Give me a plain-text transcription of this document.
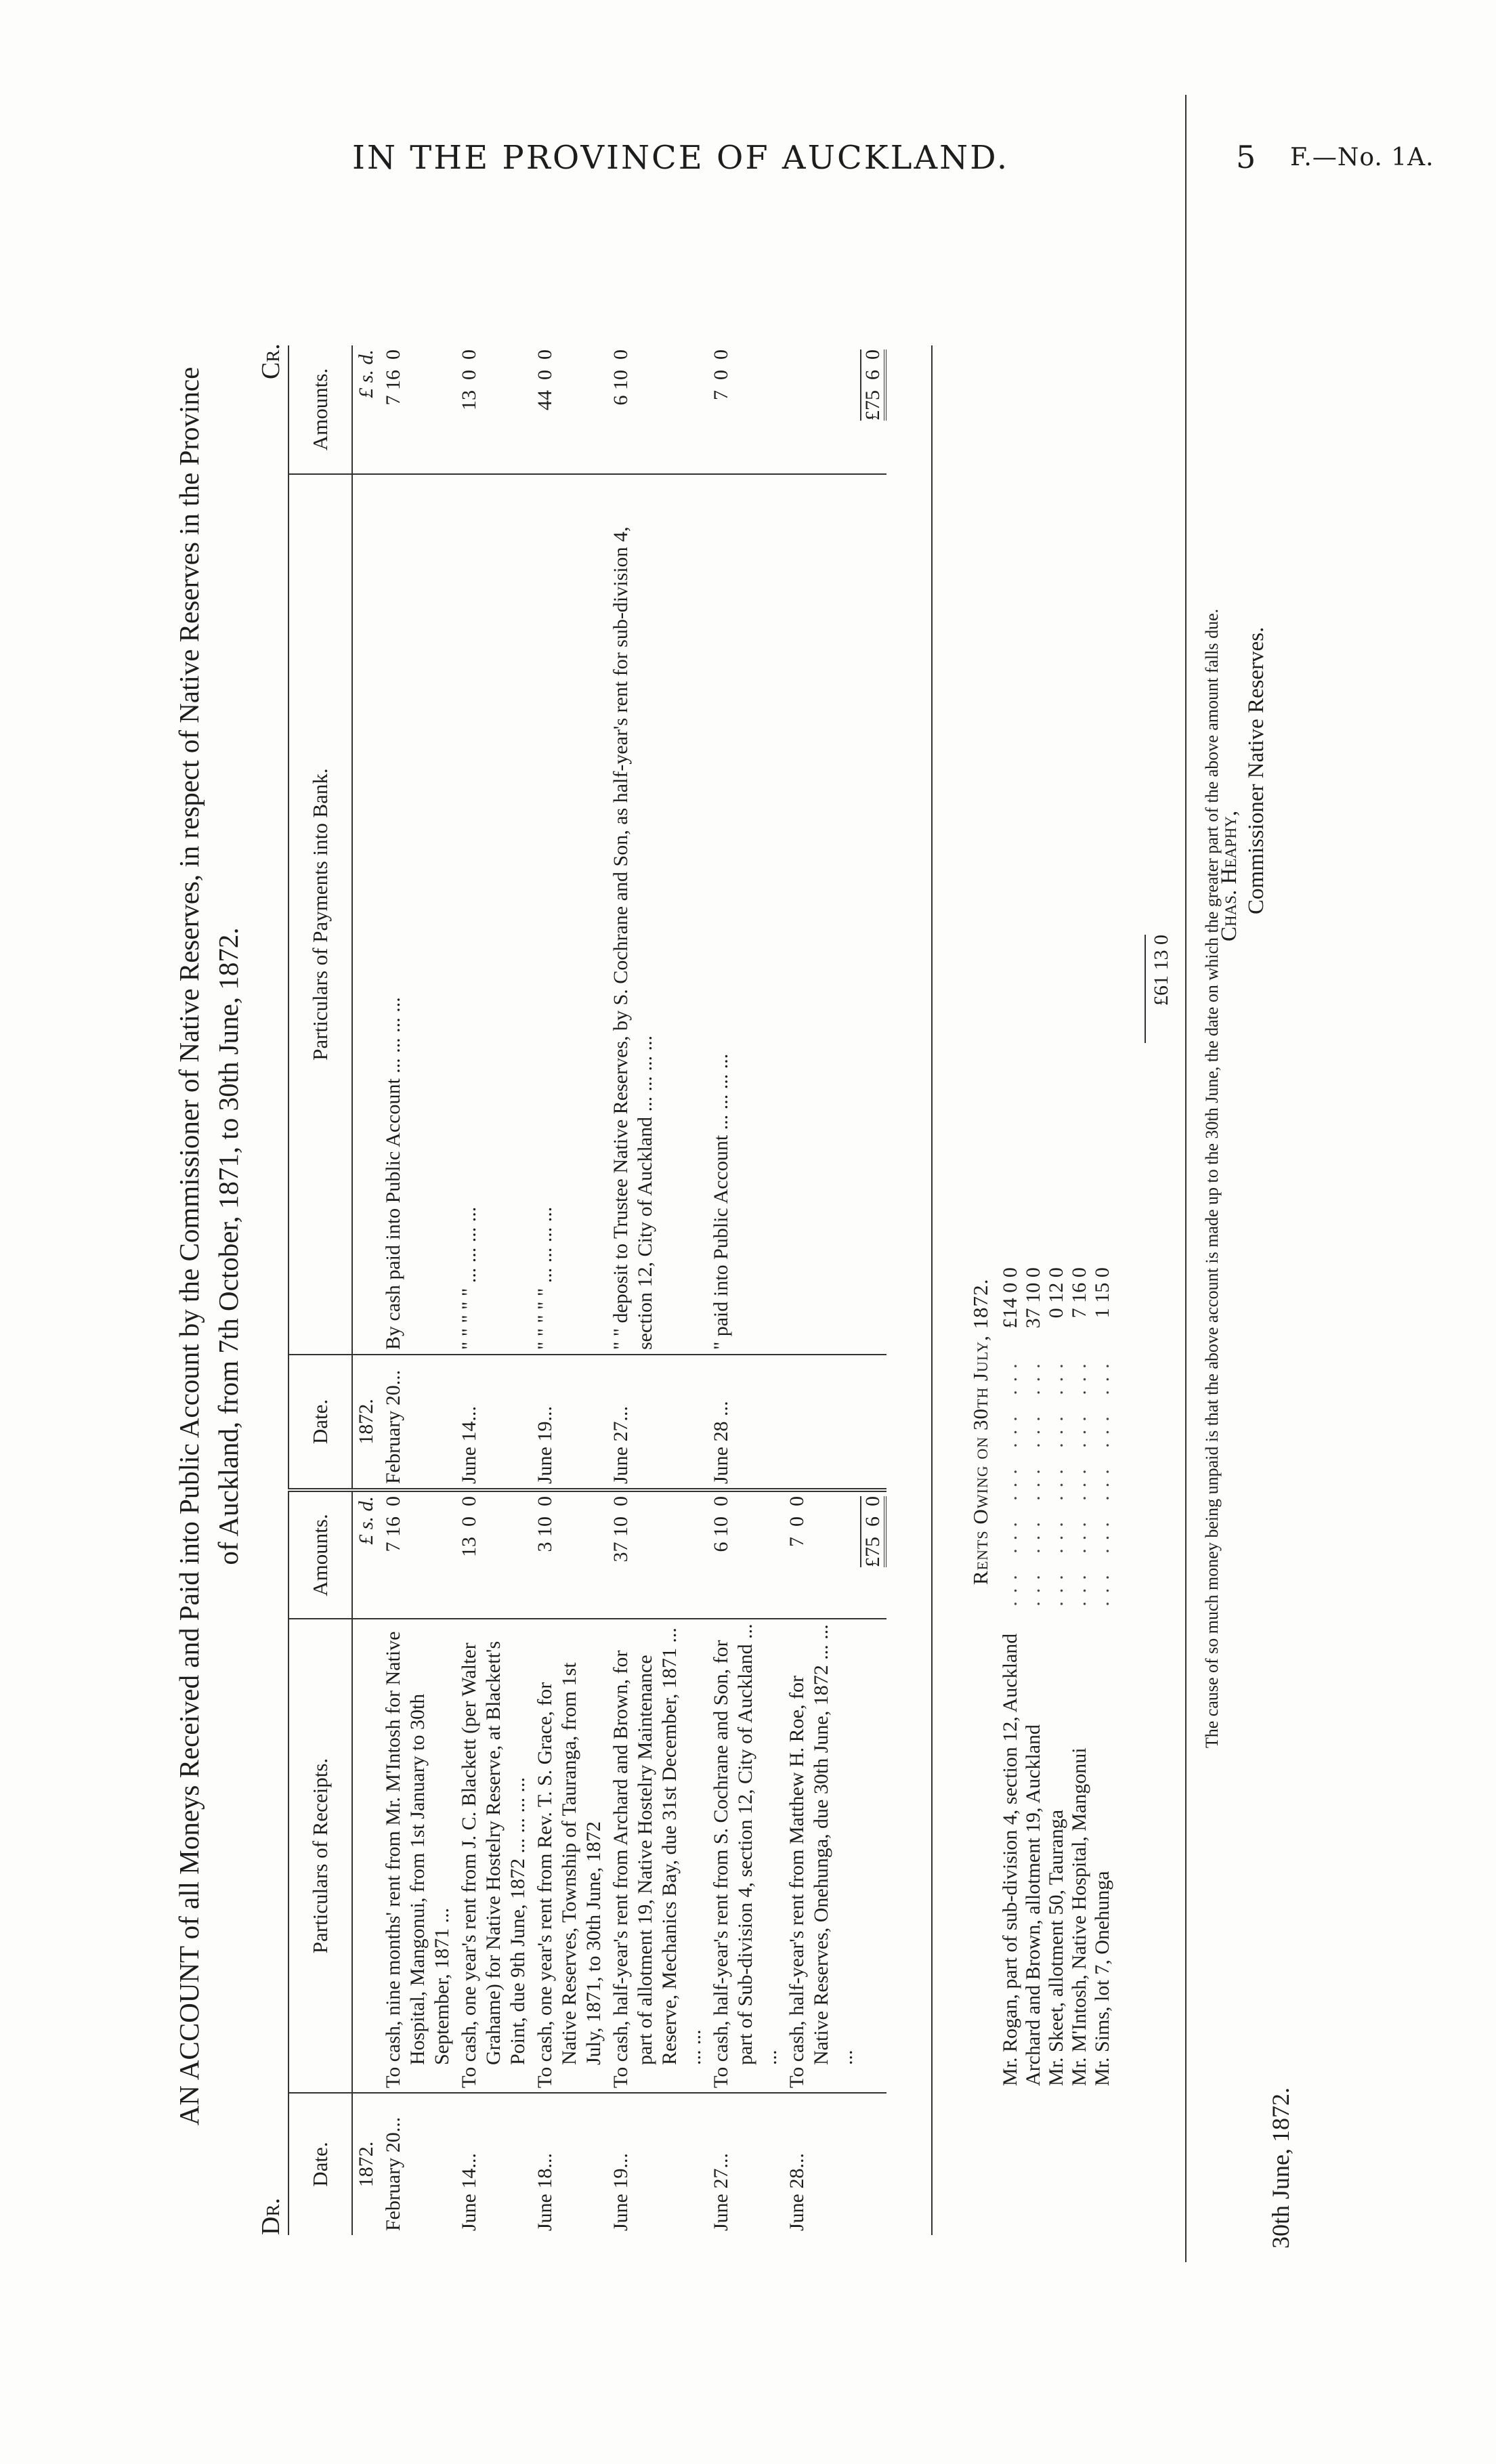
IN THE PROVINCE OF AUCKLAND.	5 F.—No. 1A.
AN ACCOUNT of all Moneys Received and Paid into Public Account by the Commissioner of Native Reserves, in respect of Native Reserves in the Province of Auckland, from 7th October, 1871, to 30th June, 1872.
Dr.
Cr.
Date.	Particulars of Receipts.	Amounts.	Date.	Particulars of Payments into Bank.	Amounts.
1872.		£ s. d.	1872.		£ s. d.
February 20...	To cash, nine months' rent from Mr. M'Intosh for Native Hospital, Mangonui, from 1st January to 30th September, 1871 ...	7 16  0	February 20...	By cash paid into Public Account ... ... ... ...	7 16  0
June 14...	To cash, one year's rent from J. C. Blackett (per Walter Grahame) for Native Hostelry Reserve, at Blackett's Point, due 9th June, 1872 ... ... ... ...	13  0  0	June 14...	" " " " " ... ... ... ...	13  0  0
June 18...	To cash, one year's rent from Rev. T. S. Grace, for Native Reserves, Township of Tauranga, from 1st July, 1871, to 30th June, 1872	3 10  0	June 19...	" " " " " ... ... ... ...	44  0  0
June 19...	To cash, half-year's rent from Archard and Brown, for part of allotment 19, Native Hostelry Maintenance Reserve, Mechanics Bay, due 31st December, 1871 ... ... ...	37 10  0	June 27...	" " deposit to Trustee Native Reserves, by S. Cochrane and Son, as half-year's rent for sub-division 4, section 12, City of Auckland ... ... ... ...	6 10  0
June 27...	To cash, half-year's rent from S. Cochrane and Son, for part of Sub-division 4, section 12, City of Auckland ... ...	6 10  0	June 28 ...	" paid into Public Account ... ... ... ...	7  0  0
June 28...	To cash, half-year's rent from Matthew H. Roe, for Native Reserves, Onehunga, due 30th June, 1872 ... ... ...	7  0  0			
		£75  6  0			£75  6  0
Rents Owing on 30th July, 1872.
Mr. Rogan, part of sub-division 4, section 12, Auckland	... ... ... ... ...	£14 0 0
Archard and Brown, allotment 19, Auckland	... ... ... ... ...	37 10 0
Mr. Skeet, allotment 50, Tauranga	... ... ... ... ...	0 12 0
Mr. M'Intosh, Native Hospital, Mangonui	... ... ... ... ...	7 16 0
Mr. Sims, lot 7, Onehunga	... ... ... ... ...	1 15 0
£61 13 0 The cause of so much money being unpaid is that the above account is made up to the 30th June, the date on which the greater part of the above amount falls due.
Chas. Heaphy, Commissioner Native Reserves.
30th June, 1872.
